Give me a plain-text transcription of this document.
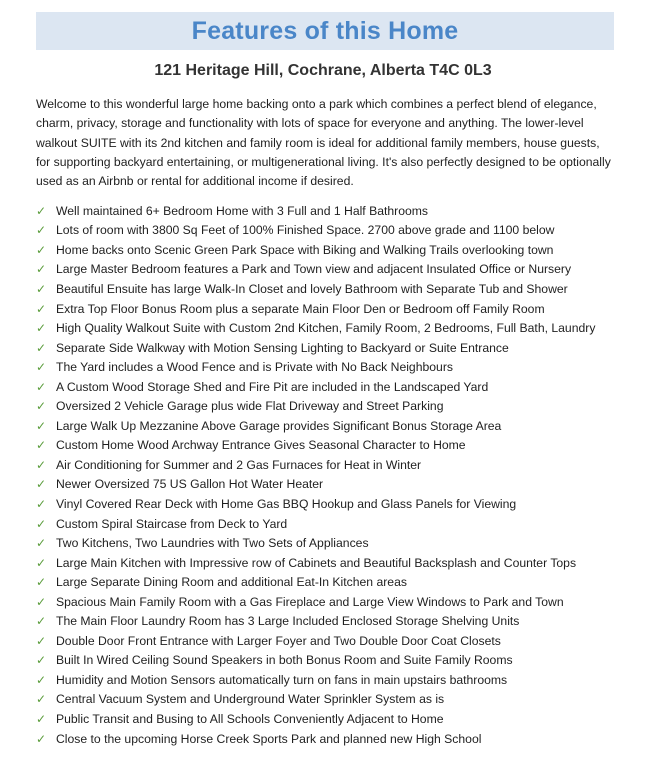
Features of this Home
121 Heritage Hill, Cochrane, Alberta T4C 0L3
Welcome to this wonderful large home backing onto a park which combines a perfect blend of elegance, charm, privacy, storage and functionality with lots of space for everyone and anything. The lower-level walkout SUITE with its 2nd kitchen and family room is ideal for additional family members, house guests, for supporting backyard entertaining, or multigenerational living. It's also perfectly designed to be optionally used as an Airbnb or rental for additional income if desired.
✓ Well maintained 6+ Bedroom Home with 3 Full and 1 Half Bathrooms
✓ Lots of room with 3800 Sq Feet of 100% Finished Space. 2700 above grade and 1100 below
✓ Home backs onto Scenic Green Park Space with Biking and Walking Trails overlooking town
✓ Large Master Bedroom features a Park and Town view and adjacent Insulated Office or Nursery
✓ Beautiful Ensuite has large Walk-In Closet and lovely Bathroom with Separate Tub and Shower
✓ Extra Top Floor Bonus Room plus a separate Main Floor Den or Bedroom off Family Room
✓ High Quality Walkout Suite with Custom 2nd Kitchen, Family Room, 2 Bedrooms, Full Bath, Laundry
✓ Separate Side Walkway with Motion Sensing Lighting to Backyard or Suite Entrance
✓ The Yard includes a Wood Fence and is Private with No Back Neighbours
✓ A Custom Wood Storage Shed and Fire Pit are included in the Landscaped Yard
✓ Oversized 2 Vehicle Garage plus wide Flat Driveway and Street Parking
✓ Large Walk Up Mezzanine Above Garage provides Significant Bonus Storage Area
✓ Custom Home Wood Archway Entrance Gives Seasonal Character to Home
✓ Air Conditioning for Summer and 2 Gas Furnaces for Heat in Winter
✓ Newer Oversized 75 US Gallon Hot Water Heater
✓ Vinyl Covered Rear Deck with Home Gas BBQ Hookup and Glass Panels for Viewing
✓ Custom Spiral Staircase from Deck to Yard
✓ Two Kitchens, Two Laundries with Two Sets of Appliances
✓ Large Main Kitchen with Impressive row of Cabinets and Beautiful Backsplash and Counter Tops
✓ Large Separate Dining Room and additional Eat-In Kitchen areas
✓ Spacious Main Family Room with a Gas Fireplace and Large View Windows to Park and Town
✓ The Main Floor Laundry Room has 3 Large Included Enclosed Storage Shelving Units
✓ Double Door Front Entrance with Larger Foyer and Two Double Door Coat Closets
✓ Built In Wired Ceiling Sound Speakers in both Bonus Room and Suite Family Rooms
✓ Humidity and Motion Sensors automatically turn on fans in main upstairs bathrooms
✓ Central Vacuum System and Underground Water Sprinkler System as is
✓ Public Transit and Busing to All Schools Conveniently Adjacent to Home
✓ Close to the upcoming Horse Creek Sports Park and planned new High School
